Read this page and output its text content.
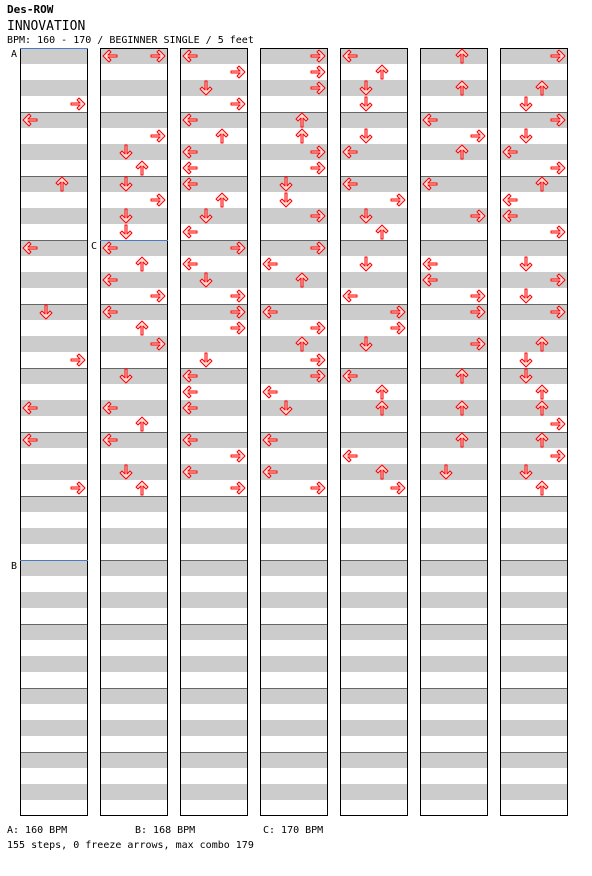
Des-ROW
INNOVATION
BPM: 160 - 170 / BEGINNER SINGLE / 5 feet
A
C
B
A: 160 BPM	B: 168 BPM	C: 170 BPM
155 steps, 0 freeze arrows, max combo 179
